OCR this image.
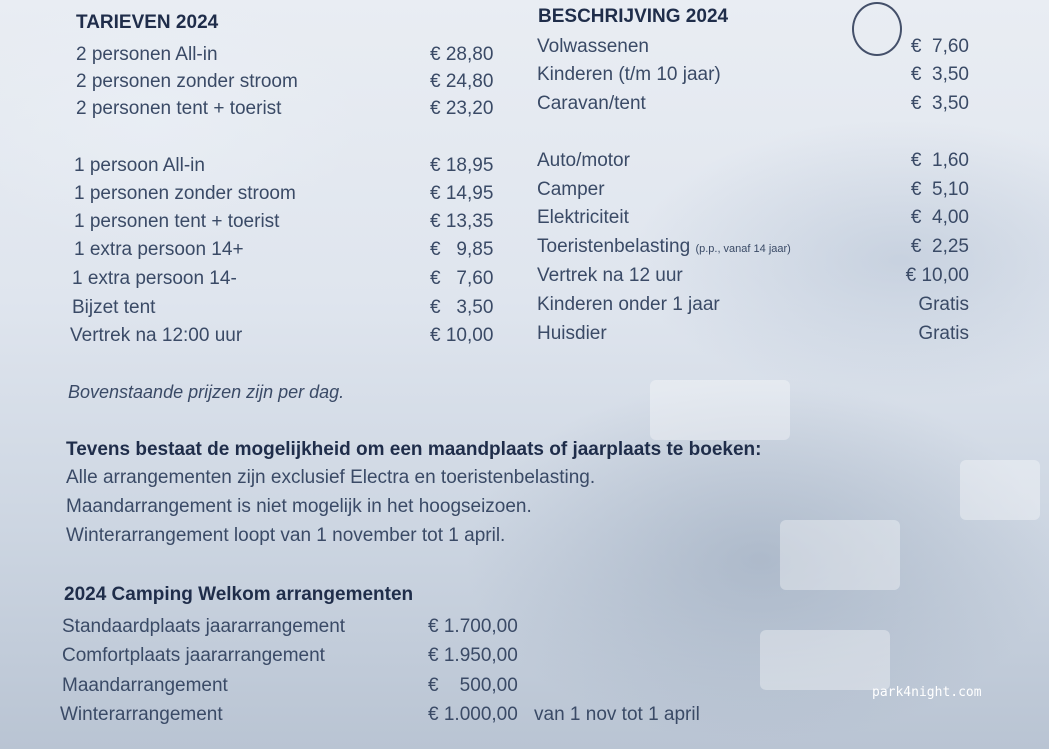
TARIEVEN 2024
2 personen All-in	€ 28,80
2 personen zonder stroom	€ 24,80
2 personen tent + toerist	€ 23,20
1 persoon All-in	€ 18,95
1 personen zonder stroom	€ 14,95
1 personen tent + toerist	€ 13,35
1 extra persoon 14+	€   9,85
1 extra persoon 14-	€   7,60
Bijzet tent	€   3,50
Vertrek na 12:00 uur	€ 10,00
BESCHRIJVING 2024
Volwassenen	€  7,60
Kinderen (t/m 10 jaar)	€  3,50
Caravan/tent	€  3,50
Auto/motor	€  1,60
Camper	€  5,10
Elektriciteit	€  4,00
Toeristenbelasting (p.p., vanaf 14 jaar)	€  2,25
Vertrek na 12 uur	€ 10,00
Kinderen onder 1 jaar	Gratis
Huisdier	Gratis
Bovenstaande prijzen zijn per dag.
Tevens bestaat de mogelijkheid om een maandplaats of jaarplaats te boeken:
Alle arrangementen zijn exclusief Electra en toeristenbelasting.
Maandarrangement is niet mogelijk in het hoogseizoen.
Winterarrangement loopt van 1 november tot 1 april.
2024 Camping Welkom arrangementen
Standaardplaats jaararrangement	€ 1.700,00
Comfortplaats jaararrangement	€ 1.950,00
Maandarrangement	€    500,00
Winterarrangement	€ 1.000,00 van 1 nov tot 1 april
park4night.com
